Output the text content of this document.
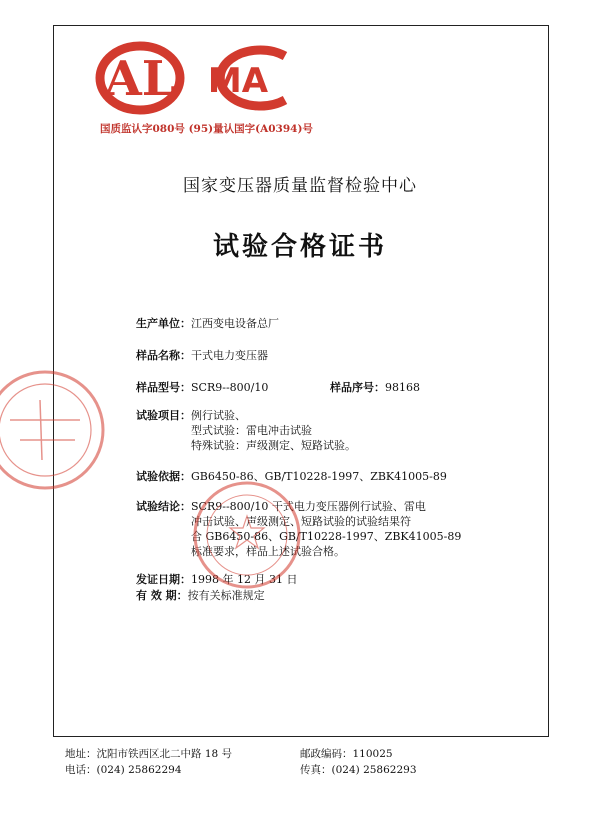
AL MA
国质监认字080号 (95)量认国字(A0394)号
国家变压器质量监督检验中心
试验合格证书
生产单位：江西变电设备总厂
样品名称：干式电力变压器
样品型号：SCR9--800/10	样品序号：98168
试验项目：例行试验、
型式试验：雷电冲击试验
特殊试验：声级测定、短路试验。
试验依据：GB6450-86、GB/T10228-1997、ZBK41005-89
试验结论：SCR9--800/10 干式电力变压器例行试验、雷电
冲击试验、声级测定、短路试验的试验结果符
合 GB6450-86、GB/T10228-1997、ZBK41005-89
标准要求，样品上述试验合格。
发证日期：1998 年 12 月 31 日
有 效 期：按有关标准规定
地址：沈阳市铁西区北二中路 18 号	邮政编码：110025
电话：(024) 25862294	传真：(024) 25862293
